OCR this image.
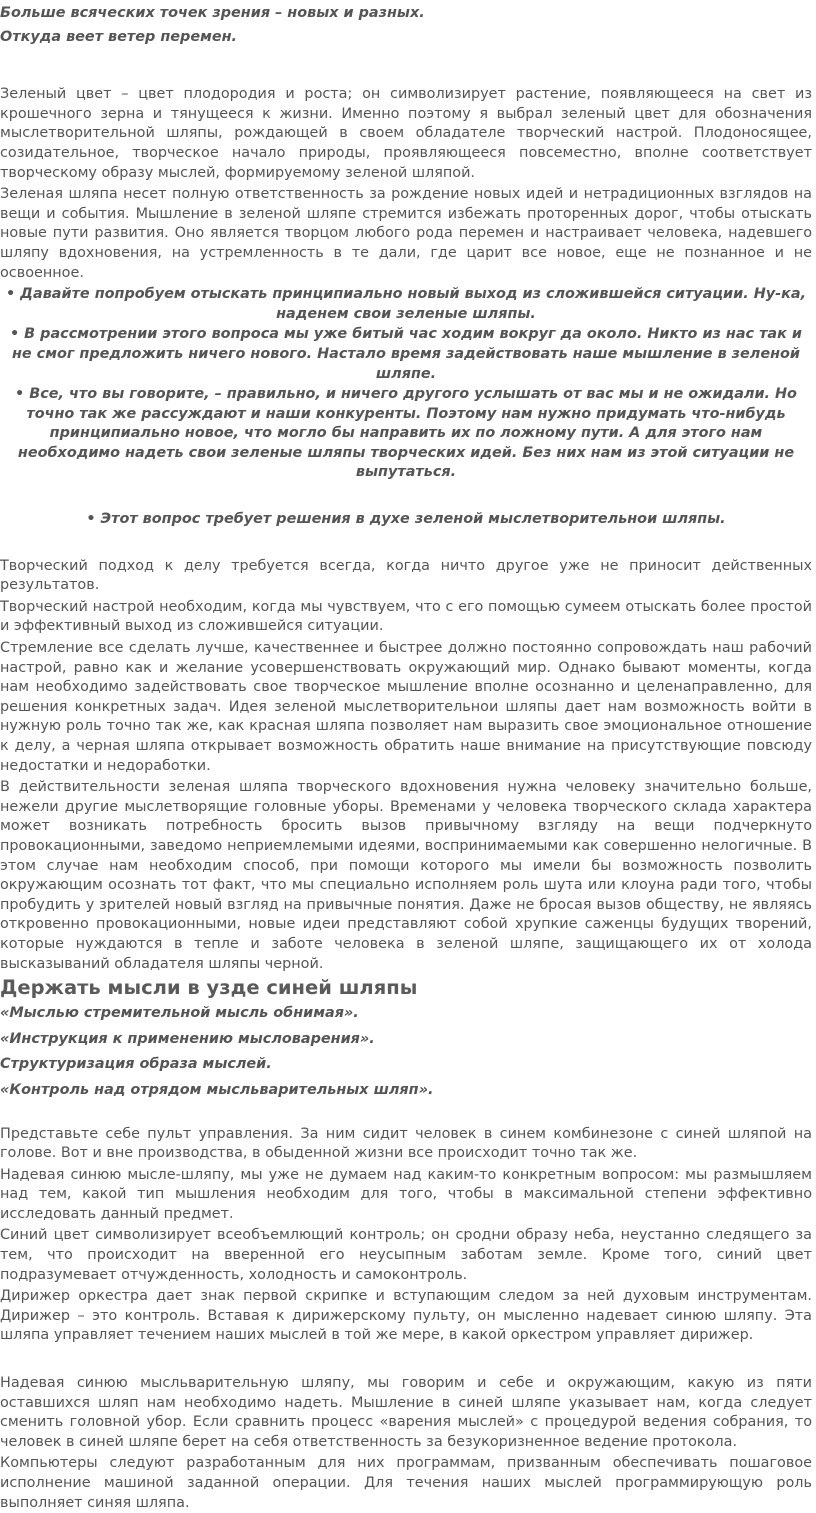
Больше всяческих точек зрения – новых и разных.

Откуда веет ветер перемен.

Зеленый цвет – цвет плодородия и роста; он символизирует растение, появляющееся на свет из крошечного зерна и тянущееся к жизни. Именно поэтому я выбрал зеленый цвет для обозначения мыслетворительной шляпы, рождающей в своем обладателе творческий настрой. Плодоносящее, созидательное, творческое начало природы, проявляющееся повсеместно, вполне соответствует творческому образу мыслей, формируемому зеленой шляпой.

Зеленая шляпа несет полную ответственность за рождение новых идей и нетрадиционных взглядов на вещи и события. Мышление в зеленой шляпе стремится избежать проторенных дорог, чтобы отыскать новые пути развития. Оно является творцом любого рода перемен и настраивает человека, надевшего шляпу вдохновения, на устремленность в те дали, где царит все новое, еще не познанное и не освоенное.

• Давайте попробуем отыскать принципиально новый выход из сложившейся ситуации. Ну-ка, наденем свои зеленые шляпы.

• В рассмотрении этого вопроса мы уже битый час ходим вокруг да около. Никто из нас так и не смог предложить ничего нового. Настало время задействовать наше мышление в зеленой шляпе.

• Все, что вы говорите, – правильно, и ничего другого услышать от вас мы и не ожидали. Но точно так же рассуждают и наши конкуренты. Поэтому нам нужно придумать что-нибудь принципиально новое, что могло бы направить их по ложному пути. А для этого нам необходимо надеть свои зеленые шляпы творческих идей. Без них нам из этой ситуации не выпутаться.

• Этот вопрос требует решения в духе зеленой мыслетворительнои шляпы.

Творческий подход к делу требуется всегда, когда ничто другое уже не приносит действенных результатов.

Творческий настрой необходим, когда мы чувствуем, что с его помощью сумеем отыскать более простой и эффективный выход из сложившейся ситуации.

Стремление все сделать лучше, качественнее и быстрее должно постоянно сопровождать наш рабочий настрой, равно как и желание усовершенствовать окружающий мир. Однако бывают моменты, когда нам необходимо задействовать свое творческое мышление вполне осознанно и целенаправленно, для решения конкретных задач. Идея зеленой мыслетворительнои шляпы дает нам возможность войти в нужную роль точно так же, как красная шляпа позволяет нам выразить свое эмоциональное отношение к делу, а черная шляпа открывает возможность обратить наше внимание на присутствующие повсюду недостатки и недоработки.

В действительности зеленая шляпа творческого вдохновения нужна человеку значительно больше, нежели другие мыслетворящие головные уборы. Временами у человека творческого склада характера может возникать потребность бросить вызов привычному взгляду на вещи подчеркнуто провокационными, заведомо неприемлемыми идеями, воспринимаемыми как совершенно нелогичные. В этом случае нам необходим способ, при помощи которого мы имели бы возможность позволить окружающим осознать тот факт, что мы специально исполняем роль шута или клоуна ради того, чтобы пробудить у зрителей новый взгляд на привычные понятия. Даже не бросая вызов обществу, не являясь откровенно провокационными, новые идеи представляют собой хрупкие саженцы будущих творений, которые нуждаются в тепле и заботе человека в зеленой шляпе, защищающего их от холода высказываний обладателя шляпы черной.

Держать мысли в узде синей шляпы

«Мыслью стремительной мысль обнимая».

«Инструкция к применению мысловарения».

Структуризация образа мыслей.

«Контроль над отрядом мысльварительных шляп».

Представьте себе пульт управления. За ним сидит человек в синем комбинезоне с синей шляпой на голове. Вот и вне производства, в обыденной жизни все происходит точно так же.

Надевая синюю мысле-шляпу, мы уже не думаем над каким-то конкретным вопросом: мы размышляем над тем, какой тип мышления необходим для того, чтобы в максимальной степени эффективно исследовать данный предмет.

Синий цвет символизирует всеобъемлющий контроль; он сродни образу неба, неустанно следящего за тем, что происходит на вверенной его неусыпным заботам земле. Кроме того, синий цвет подразумевает отчужденность, холодность и самоконтроль.

Дирижер оркестра дает знак первой скрипке и вступающим следом за ней духовым инструментам. Дирижер – это контроль. Вставая к дирижерскому пульту, он мысленно надевает синюю шляпу. Эта шляпа управляет течением наших мыслей в той же мере, в какой оркестром управляет дирижер.

Надевая синюю мысльварительную шляпу, мы говорим и себе и окружающим, какую из пяти оставшихся шляп нам необходимо надеть. Мышление в синей шляпе указывает нам, когда следует сменить головной убор. Если сравнить процесс «варения мыслей» с процедурой ведения собрания, то человек в синей шляпе берет на себя ответственность за безукоризненное ведение протокола.

Компьютеры следуют разработанным для них программам, призванным обеспечивать пошаговое исполнение машиной заданной операции. Для течения наших мыслей программирующую роль выполняет синяя шляпа.
